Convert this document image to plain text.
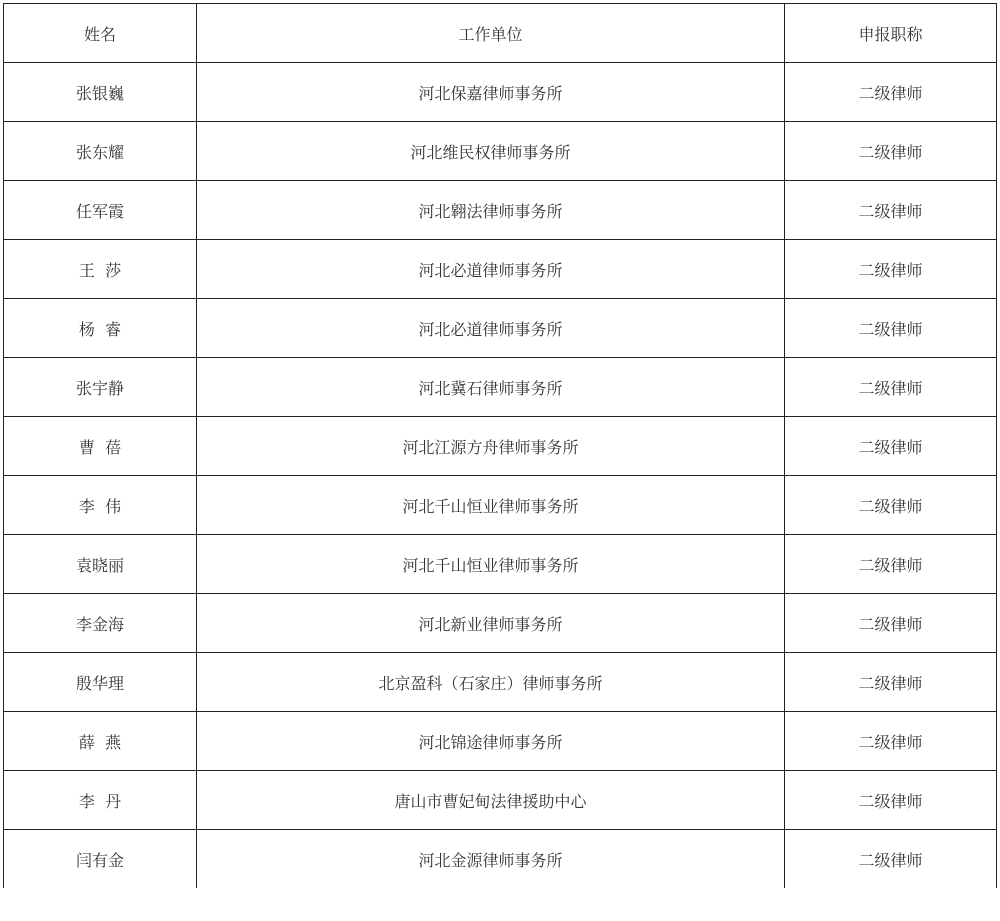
姓名	工作单位	申报职称
张银巍	河北保嘉律师事务所	二级律师
张东耀	河北维民权律师事务所	二级律师
任军霞	河北翱法律师事务所	二级律师
王  莎	河北必道律师事务所	二级律师
杨  睿	河北必道律师事务所	二级律师
张宇静	河北冀石律师事务所	二级律师
曹  蓓	河北江源方舟律师事务所	二级律师
李  伟	河北千山恒业律师事务所	二级律师
袁晓丽	河北千山恒业律师事务所	二级律师
李金海	河北新业律师事务所	二级律师
殷华理	北京盈科（石家庄）律师事务所	二级律师
薛  燕	河北锦途律师事务所	二级律师
李  丹	唐山市曹妃甸法律援助中心	二级律师
闫有金	河北金源律师事务所	二级律师
